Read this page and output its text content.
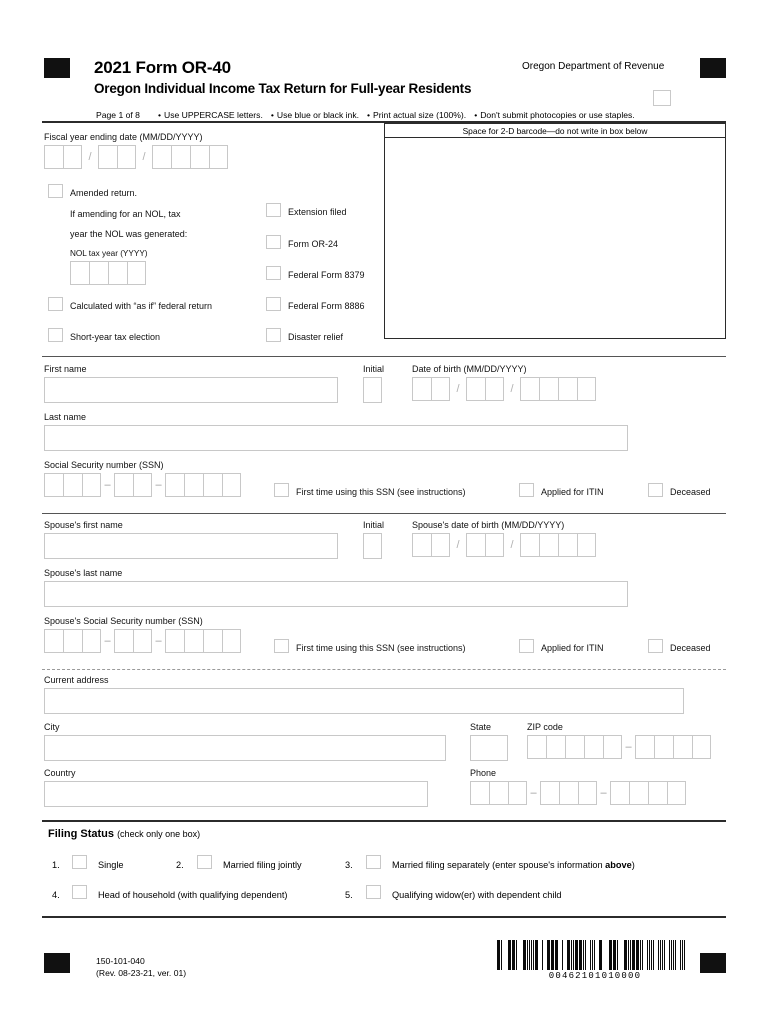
2021 Form OR-40
Oregon Individual Income Tax Return for Full-year Residents
Oregon Department of Revenue
Page 1 of 8 • Use UPPERCASE letters. • Use blue or black ink. • Print actual size (100%). • Don't submit photocopies or use staples.
Space for 2-D barcode—do not write in box below
Fiscal year ending date (MM/DD/YYYY)
/	/
Amended return.
If amending for an NOL, tax
year the NOL was generated:
NOL tax year (YYYY)
Calculated with “as if” federal return
Short-year tax election
Extension filed
Form OR-24
Federal Form 8379
Federal Form 8886
Disaster relief
First name	Initial	Date of birth (MM/DD/YYYY)
/	/
Last name
Social Security number (SSN)
–	–
First time using this SSN (see instructions)	Applied for ITIN	Deceased
Spouse's first name	Initial	Spouse's date of birth (MM/DD/YYYY)
/	/
Spouse's last name
Spouse's Social Security number (SSN)
–	–
First time using this SSN (see instructions)	Applied for ITIN	Deceased
Current address
City	State	ZIP code
–
Country	Phone
–	–
Filing Status (check only one box)
1.	Single	2.	Married filing jointly	3.	Married filing separately (enter spouse's information above)
4.	Head of household (with qualifying dependent)	5.	Qualifying widow(er) with dependent child
150-101-040
(Rev. 08-23-21, ver. 01)	00462101010000
